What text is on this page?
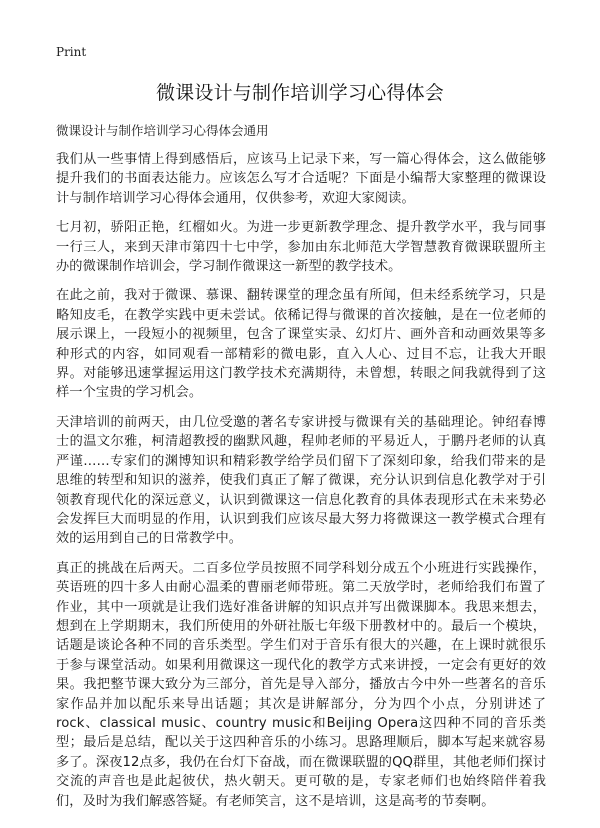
Print
微课设计与制作培训学习心得体会

微课设计与制作培训学习心得体会通用

我们从一些事情上得到感悟后，应该马上记录下来，写一篇心得体会，这么做能够提升我们的书面表达能力。应该怎么写才合适呢？下面是小编帮大家整理的微课设计与制作培训学习心得体会通用，仅供参考，欢迎大家阅读。

七月初，骄阳正艳，红榴如火。为进一步更新教学理念、提升教学水平，我与同事一行三人，来到天津市第四十七中学，参加由东北师范大学智慧教育微课联盟所主办的微课制作培训会，学习制作微课这一新型的教学技术。

在此之前，我对于微课、慕课、翻转课堂的理念虽有所闻，但未经系统学习，只是略知皮毛，在教学实践中更未尝试。依稀记得与微课的首次接触，是在一位老师的展示课上，一段短小的视频里，包含了课堂实录、幻灯片、画外音和动画效果等多种形式的内容，如同观看一部精彩的微电影，直入人心、过目不忘，让我大开眼界。对能够迅速掌握运用这门教学技术充满期待，未曾想，转眼之间我就得到了这样一个宝贵的学习机会。

天津培训的前两天，由几位受邀的著名专家讲授与微课有关的基础理论。钟绍春博士的温文尔雅，柯清超教授的幽默风趣，程帅老师的平易近人，于鹏丹老师的认真严谨……专家们的渊博知识和精彩教学给学员们留下了深刻印象，给我们带来的是思维的转型和知识的滋养，使我们真正了解了微课，充分认识到信息化教学对于引领教育现代化的深远意义，认识到微课这一信息化教育的具体表现形式在未来势必会发挥巨大而明显的作用，认识到我们应该尽最大努力将微课这一教学模式合理有效的运用到自己的日常教学中。

真正的挑战在后两天。二百多位学员按照不同学科划分成五个小班进行实践操作，英语班的四十多人由耐心温柔的曹丽老师带班。第二天放学时，老师给我们布置了作业，其中一项就是让我们选好准备讲解的知识点并写出微课脚本。我思来想去，想到在上学期期末，我们所使用的外研社版七年级下册教材中的。最后一个模块，话题是谈论各种不同的音乐类型。学生们对于音乐有很大的兴趣，在上课时就很乐于参与课堂活动。如果利用微课这一现代化的教学方式来讲授，一定会有更好的效果。我把整节课大致分为三部分，首先是导入部分，播放古今中外一些著名的音乐家作品并加以配乐来导出话题；其次是讲解部分，分为四个小点，分别讲述了rock、classical music、country music和Beijing Opera这四种不同的音乐类型；最后是总结，配以关于这四种音乐的小练习。思路理顺后，脚本写起来就容易多了。深夜12点多，我仍在台灯下奋战，而在微课联盟的QQ群里，其他老师们探讨交流的声音也是此起彼伏，热火朝天。更可敬的是，专家老师们也始终陪伴着我们，及时为我们解惑答疑。有老师笑言，这不是培训，这是高考的节奏啊。
